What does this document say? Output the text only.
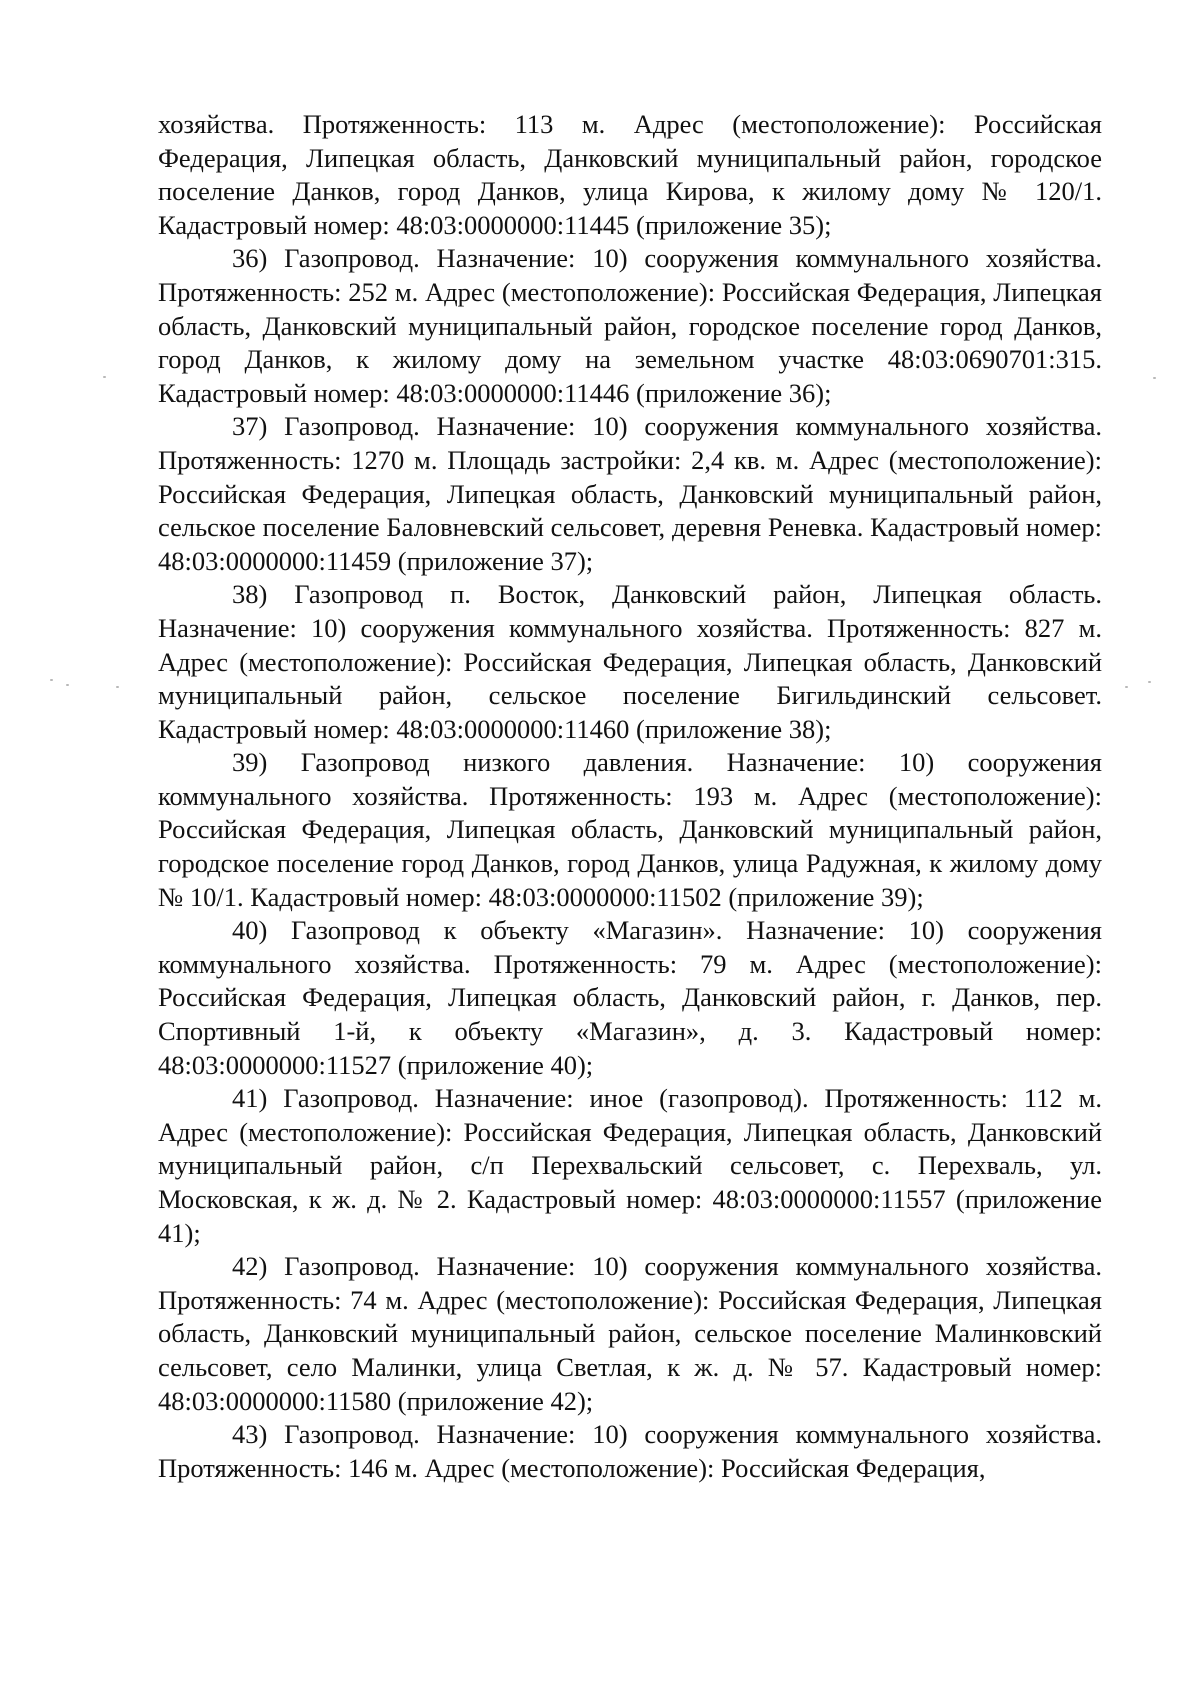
хозяйства. Протяженность: 113 м. Адрес (местоположение): Российская Федерация, Липецкая область, Данковский муниципальный район, городское поселение Данков, город Данков, улица Кирова, к жилому дому № 120/1. Кадастровый номер: 48:03:0000000:11445 (приложение 35);

36) Газопровод. Назначение: 10) сооружения коммунального хозяйства. Протяженность: 252 м. Адрес (местоположение): Российская Федерация, Липецкая область, Данковский муниципальный район, городское поселение город Данков, город Данков, к жилому дому на земельном участке 48:03:0690701:315. Кадастровый номер: 48:03:0000000:11446 (приложение 36);

37) Газопровод. Назначение: 10) сооружения коммунального хозяйства. Протяженность: 1270 м. Площадь застройки: 2,4 кв. м. Адрес (местоположение): Российская Федерация, Липецкая область, Данковский муниципальный район, сельское поселение Баловневский сельсовет, деревня Реневка. Кадастровый номер: 48:03:0000000:11459 (приложение 37);

38) Газопровод п. Восток, Данковский район, Липецкая область. Назначение: 10) сооружения коммунального хозяйства. Протяженность: 827 м. Адрес (местоположение): Российская Федерация, Липецкая область, Данковский муниципальный район, сельское поселение Бигильдинский сельсовет. Кадастровый номер: 48:03:0000000:11460 (приложение 38);

39) Газопровод низкого давления. Назначение: 10) сооружения коммунального хозяйства. Протяженность: 193 м. Адрес (местоположение): Российская Федерация, Липецкая область, Данковский муниципальный район, городское поселение город Данков, город Данков, улица Радужная, к жилому дому № 10/1. Кадастровый номер: 48:03:0000000:11502 (приложение 39);

40) Газопровод к объекту «Магазин». Назначение: 10) сооружения коммунального хозяйства. Протяженность: 79 м. Адрес (местоположение): Российская Федерация, Липецкая область, Данковский район, г. Данков, пер. Спортивный 1-й, к объекту «Магазин», д. 3. Кадастровый номер: 48:03:0000000:11527 (приложение 40);

41) Газопровод. Назначение: иное (газопровод). Протяженность: 112 м. Адрес (местоположение): Российская Федерация, Липецкая область, Данковский муниципальный район, с/п Перехвальский сельсовет, с. Перехваль, ул. Московская, к ж. д. № 2. Кадастровый номер: 48:03:0000000:11557 (приложение 41);

42) Газопровод. Назначение: 10) сооружения коммунального хозяйства. Протяженность: 74 м. Адрес (местоположение): Российская Федерация, Липецкая область, Данковский муниципальный район, сельское поселение Малинковский сельсовет, село Малинки, улица Светлая, к ж. д. № 57. Кадастровый номер: 48:03:0000000:11580 (приложение 42);

43) Газопровод. Назначение: 10) сооружения коммунального хозяйства. Протяженность: 146 м. Адрес (местоположение): Российская Федерация,
